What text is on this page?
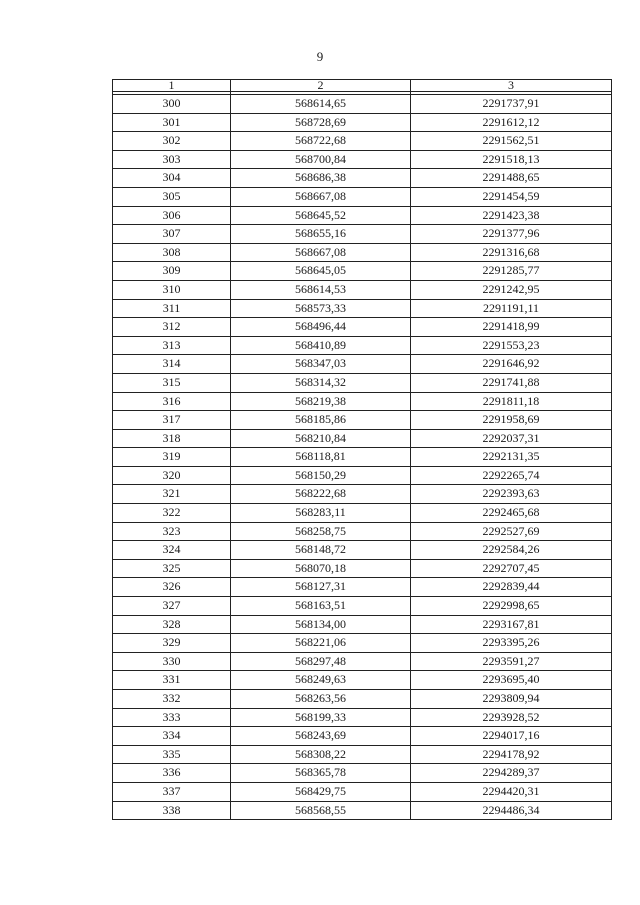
9
1	2	3

300	568614,65	2291737,91
301	568728,69	2291612,12
302	568722,68	2291562,51
303	568700,84	2291518,13
304	568686,38	2291488,65
305	568667,08	2291454,59
306	568645,52	2291423,38
307	568655,16	2291377,96
308	568667,08	2291316,68
309	568645,05	2291285,77
310	568614,53	2291242,95
311	568573,33	2291191,11
312	568496,44	2291418,99
313	568410,89	2291553,23
314	568347,03	2291646,92
315	568314,32	2291741,88
316	568219,38	2291811,18
317	568185,86	2291958,69
318	568210,84	2292037,31
319	568118,81	2292131,35
320	568150,29	2292265,74
321	568222,68	2292393,63
322	568283,11	2292465,68
323	568258,75	2292527,69
324	568148,72	2292584,26
325	568070,18	2292707,45
326	568127,31	2292839,44
327	568163,51	2292998,65
328	568134,00	2293167,81
329	568221,06	2293395,26
330	568297,48	2293591,27
331	568249,63	2293695,40
332	568263,56	2293809,94
333	568199,33	2293928,52
334	568243,69	2294017,16
335	568308,22	2294178,92
336	568365,78	2294289,37
337	568429,75	2294420,31
338	568568,55	2294486,34
